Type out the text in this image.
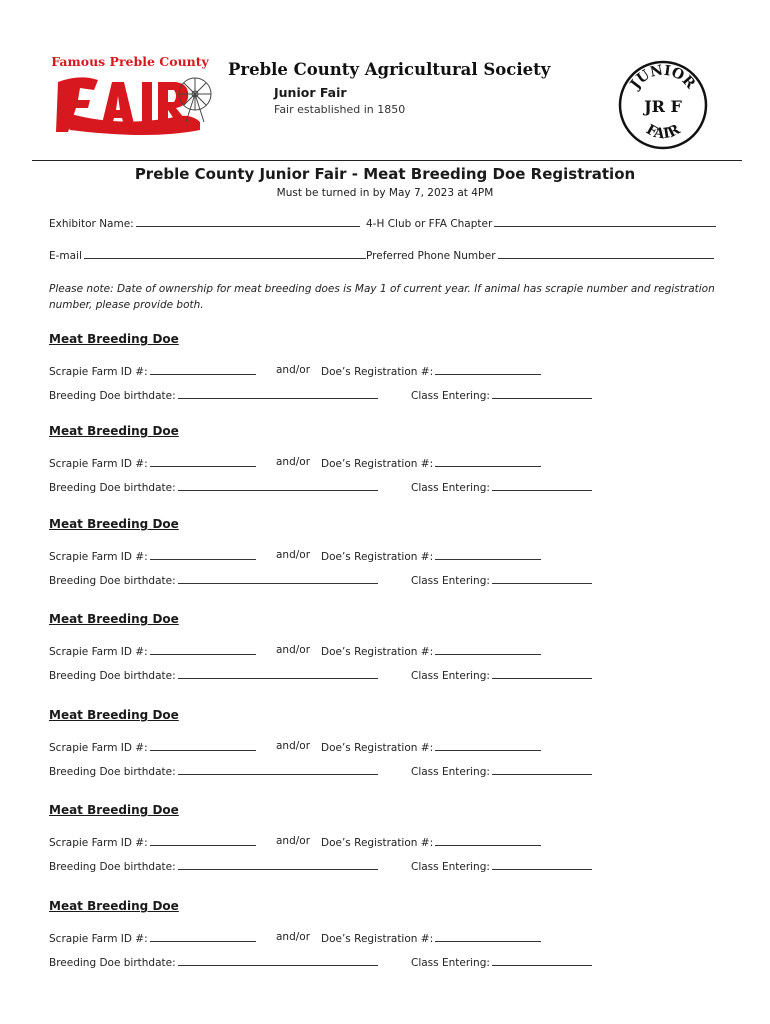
Famous Preble County Preble County Agricultural Society
Junior Fair
Fair established in 1850
JUNIOR
FAIR
JR F
Preble County Junior Fair - Meat Breeding Doe Registration
Must be turned in by May 7, 2023 at 4PM
Exhibitor Name:	4-H Club or FFA Chapter
E-mail	Preferred Phone Number
Please note: Date of ownership for meat breeding does is May 1 of current year. If animal has scrapie number and registration number, please provide both.
Meat Breeding Doe
Scrapie Farm ID #:	and/or Doe’s Registration #:
Breeding Doe birthdate:	Class Entering:
Meat Breeding Doe
Scrapie Farm ID #:	and/or Doe’s Registration #:
Breeding Doe birthdate:	Class Entering:
Meat Breeding Doe
Scrapie Farm ID #:	and/or Doe’s Registration #:
Breeding Doe birthdate:	Class Entering:
Meat Breeding Doe
Scrapie Farm ID #:	and/or Doe’s Registration #:
Breeding Doe birthdate:	Class Entering:
Meat Breeding Doe
Scrapie Farm ID #:	and/or Doe’s Registration #:
Breeding Doe birthdate:	Class Entering:
Meat Breeding Doe
Scrapie Farm ID #:	and/or Doe’s Registration #:
Breeding Doe birthdate:	Class Entering:
Meat Breeding Doe
Scrapie Farm ID #:	and/or Doe’s Registration #:
Breeding Doe birthdate:	Class Entering:
